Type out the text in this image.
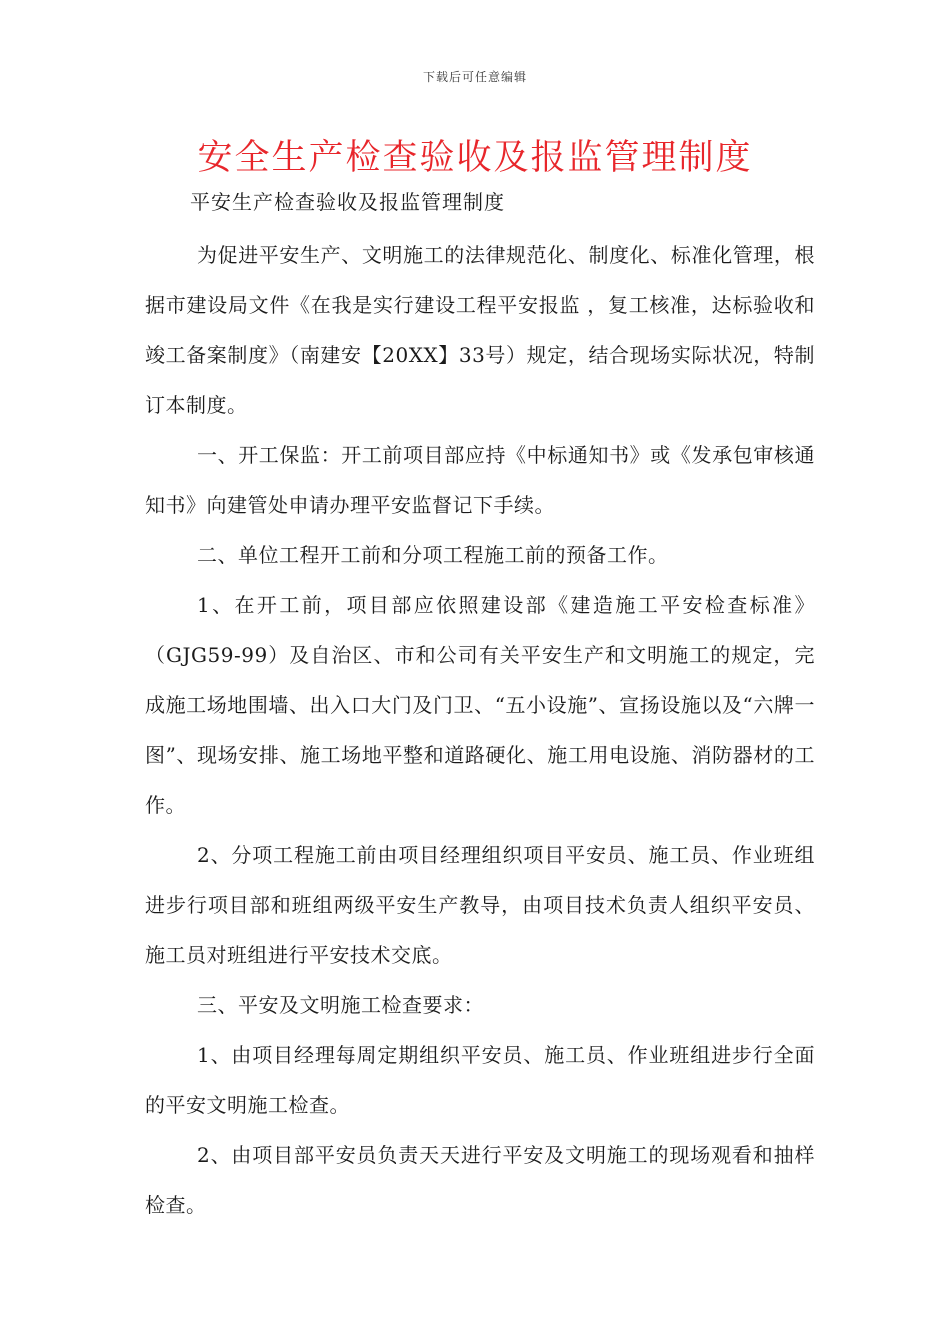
下载后可任意编辑
安全生产检查验收及报监管理制度
平安生产检查验收及报监管理制度

为促进平安生产、文明施工的法律规范化、制度化、标准化管理，根据市建设局文件《在我是实行建设工程平安报监 ，复工核准，达标验收和竣工备案制度》（南建安【20XX】33号）规定，结合现场实际状况，特制订本制度。

一、开工保监：开工前项目部应持《中标通知书》或《发承包审核通知书》向建管处申请办理平安监督记下手续。

二、单位工程开工前和分项工程施工前的预备工作。

1、在开工前，项目部应依照建设部《建造施工平安检查标准》（GJG59-99）及自治区、市和公司有关平安生产和文明施工的规定，完成施工场地围墙、出入口大门及门卫、“五小设施”、宣扬设施以及“六牌一图”、现场安排、施工场地平整和道路硬化、施工用电设施、消防器材的工作。

2、分项工程施工前由项目经理组织项目平安员、施工员、作业班组进步行项目部和班组两级平安生产教导，由项目技术负责人组织平安员、施工员对班组进行平安技术交底。

三、平安及文明施工检查要求：

1、由项目经理每周定期组织平安员、施工员、作业班组进步行全面的平安文明施工检查。

2、由项目部平安员负责天天进行平安及文明施工的现场观看和抽样检查。
